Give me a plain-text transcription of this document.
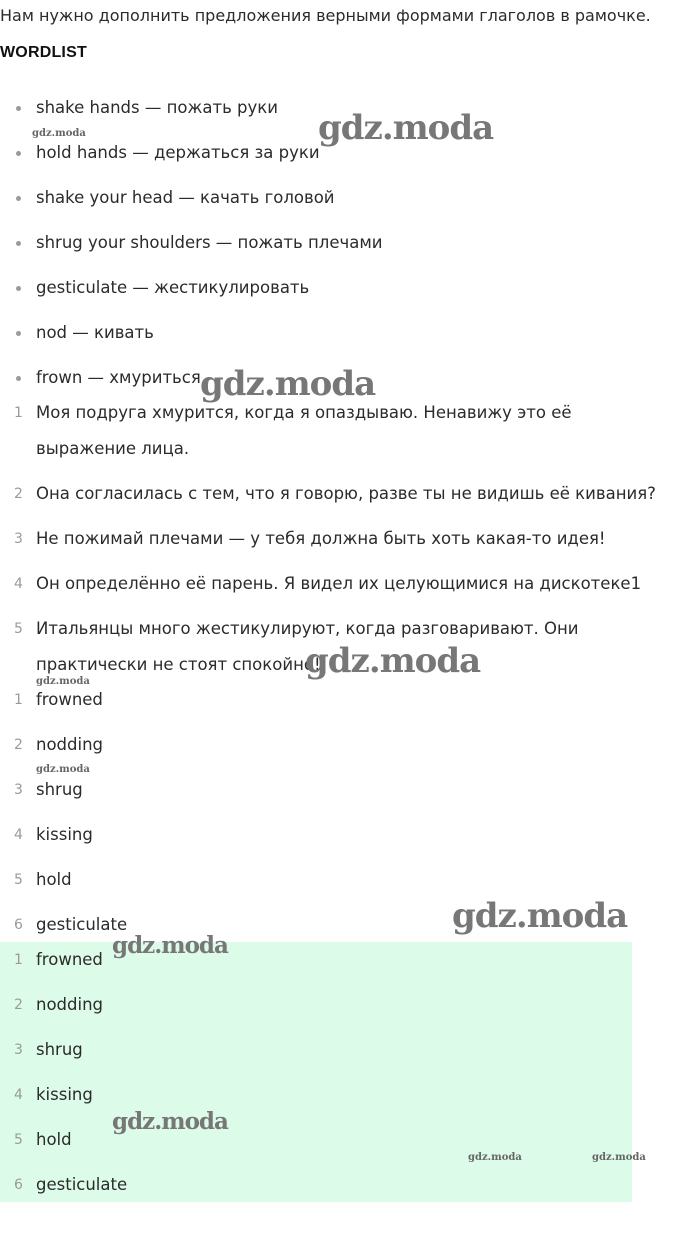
Нам нужно дополнить предложения верными формами глаголов в рамочке.
WORDLIST
shake hands — пожать руки
hold hands — держаться за руки
shake your head — качать головой
shrug your shoulders — пожать плечами
gesticulate — жестикулировать
nod — кивать
frown — хмуриться
1 Моя подруга хмурится, когда я опаздываю. Ненавижу это её выражение лица.
2 Она согласилась с тем, что я говорю, разве ты не видишь её кивания?
3 Не пожимай плечами — у тебя должна быть хоть какая-то идея!
4 Он определённо её парень. Я видел их целующимися на дискотеке1
5 Итальянцы много жестикулируют, когда разговаривают. Они практически не стоят спокойно!
1 frowned
2 nodding
3 shrug
4 kissing
5 hold
6 gesticulate
1 frowned
2 nodding
3 shrug
4 kissing
5 hold
6 gesticulate
gdz.moda
gdz.moda
gdz.moda
gdz.moda
gdz.moda
gdz.moda
gdz.moda
gdz.moda
gdz.moda
gdz.moda	gdz.moda
